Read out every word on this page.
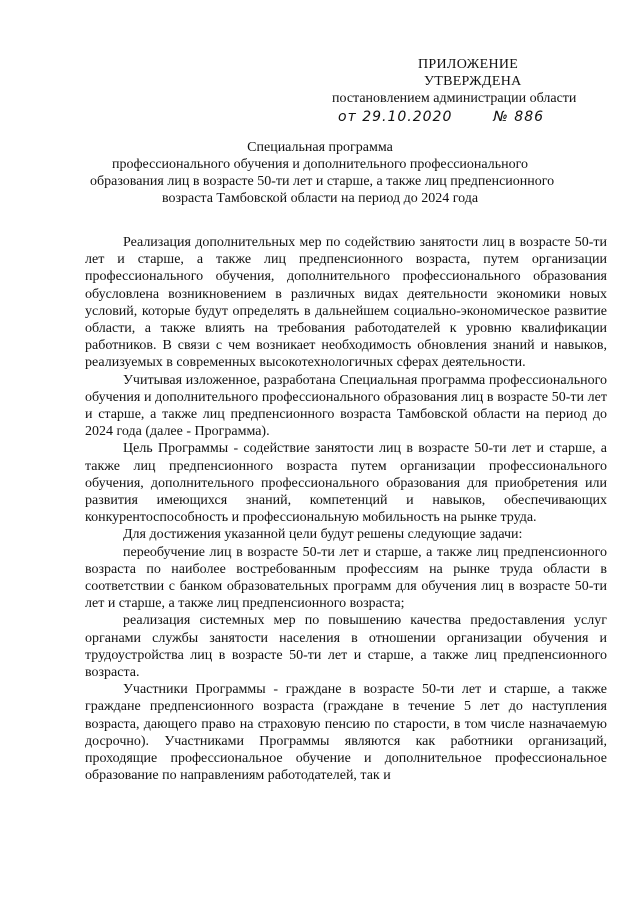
ПРИЛОЖЕНИЕ
УТВЕРЖДЕНА
постановлением администрации области
от 29.10.2020	№ 886
Специальная программа
профессионального обучения и дополнительного профессионального
образования лиц в возрасте 50-ти лет и старше, а также лиц предпенсионного
возраста Тамбовской области на период до 2024 года

Реализация дополнительных мер по содействию занятости лиц в возрасте 50-ти лет и старше, а также лиц предпенсионного возраста, путем организации профессионального обучения, дополнительного профессионального образования обусловлена возникновением в различных видах деятельности экономики новых условий, которые будут определять в дальнейшем социально-экономическое развитие области, а также влиять на требования работодателей к уровню квалификации работников. В связи с чем возникает необходимость обновления знаний и навыков, реализуемых в современных высокотехнологичных сферах деятельности.

Учитывая изложенное, разработана Специальная программа профессионального обучения и дополнительного профессионального образования лиц в возрасте 50-ти лет и старше, а также лиц предпенсионного возраста Тамбовской области на период до 2024 года (далее - Программа).

Цель Программы - содействие занятости лиц в возрасте 50-ти лет и старше, а также лиц предпенсионного возраста путем организации профессионального обучения, дополнительного профессионального образования для приобретения или развития имеющихся знаний, компетенций и навыков, обеспечивающих конкурентоспособность и профессиональную мобильность на рынке труда.

Для достижения указанной цели будут решены следующие задачи:

переобучение лиц в возрасте 50-ти лет и старше, а также лиц предпенсионного возраста по наиболее востребованным профессиям на рынке труда области в соответствии с банком образовательных программ для обучения лиц в возрасте 50-ти лет и старше, а также лиц предпенсионного возраста;

реализация системных мер по повышению качества предоставления услуг органами службы занятости населения в отношении организации обучения и трудоустройства лиц в возрасте 50-ти лет и старше, а также лиц предпенсионного возраста.

Участники Программы - граждане в возрасте 50-ти лет и старше, а также граждане предпенсионного возраста (граждане в течение 5 лет до наступления возраста, дающего право на страховую пенсию по старости, в том числе назначаемую досрочно). Участниками Программы являются как работники организаций, проходящие профессиональное обучение и дополнительное профессиональное образование по направлениям работодателей, так и
